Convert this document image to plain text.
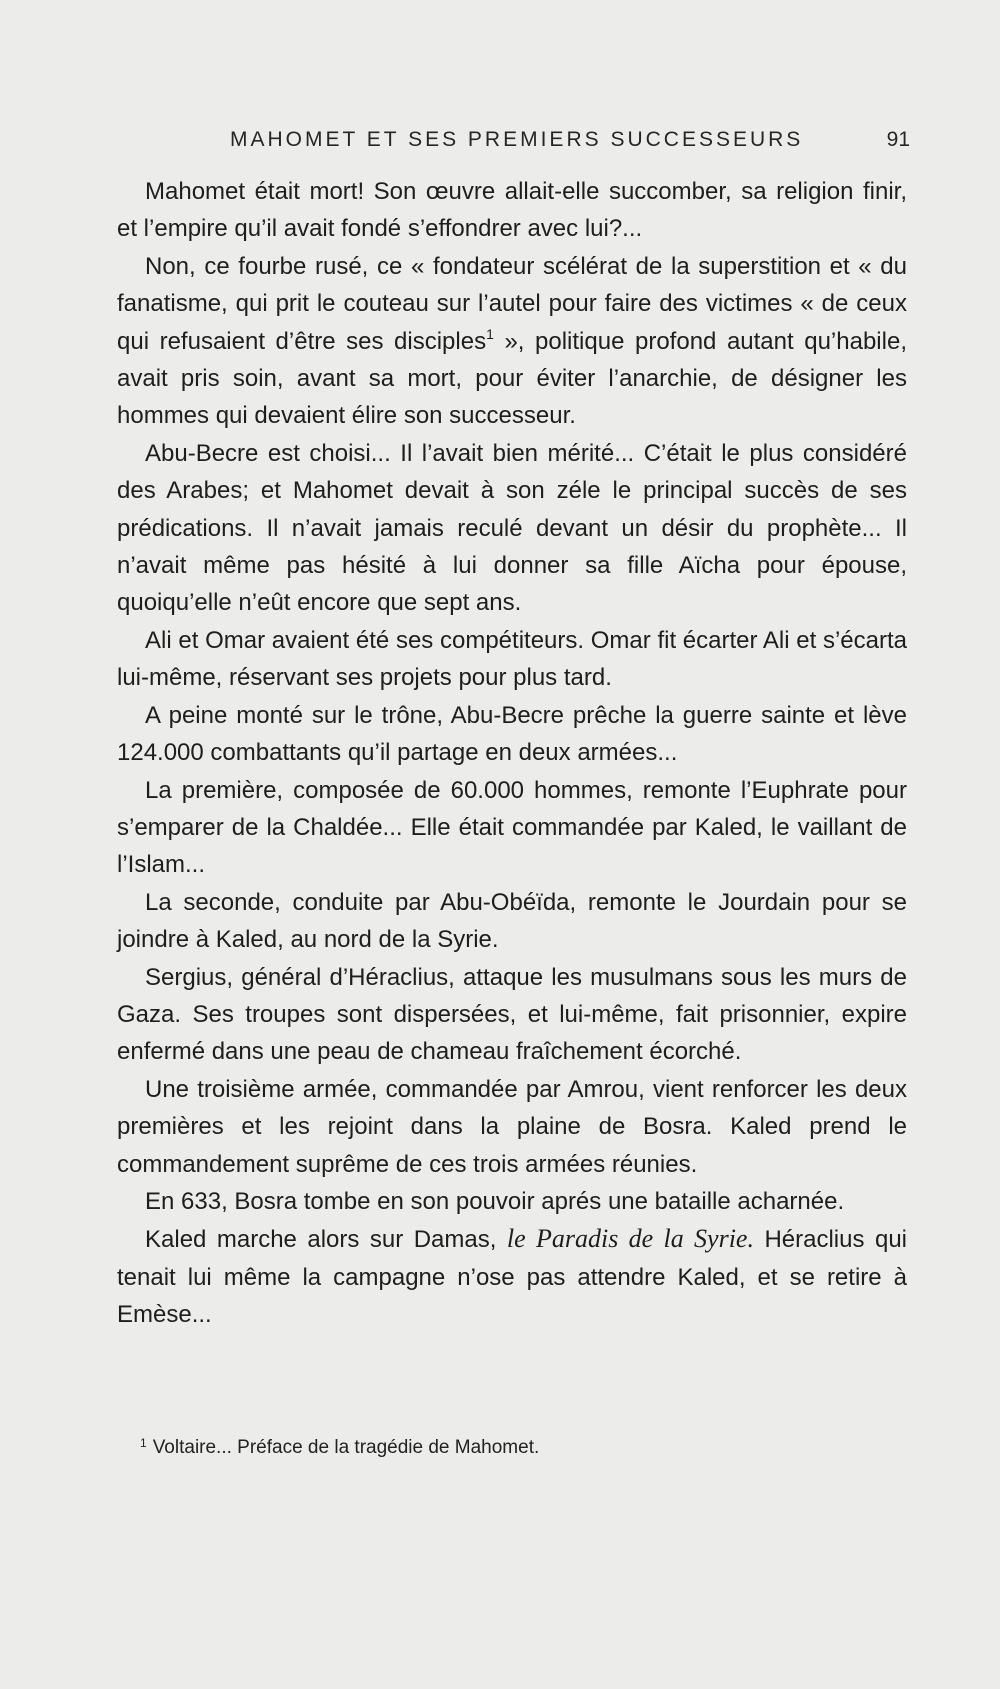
MAHOMET ET SES PREMIERS SUCCESSEURS	91

Mahomet était mort! Son œuvre allait-elle succomber, sa religion finir, et l’empire qu’il avait fondé s’effondrer avec lui?...

Non, ce fourbe rusé, ce « fondateur scélérat de la superstition et « du fanatisme, qui prit le couteau sur l’autel pour faire des victimes « de ceux qui refusaient d’être ses disciples$^1$ », politique profond autant qu’habile, avait pris soin, avant sa mort, pour éviter l’anarchie, de désigner les hommes qui devaient élire son successeur.

Abu-Becre est choisi... Il l’avait bien mérité... C’était le plus considéré des Arabes; et Mahomet devait à son zéle le principal succès de ses prédications. Il n’avait jamais reculé devant un désir du prophète... Il n’avait même pas hésité à lui donner sa fille Aïcha pour épouse, quoiqu’elle n’eût encore que sept ans.

Ali et Omar avaient été ses compétiteurs. Omar fit écarter Ali et s’écarta lui-même, réservant ses projets pour plus tard.

A peine monté sur le trône, Abu-Becre prêche la guerre sainte et lève 124.000 combattants qu’il partage en deux armées...

La première, composée de 60.000 hommes, remonte l’Euphrate pour s’emparer de la Chaldée... Elle était commandée par Kaled, le vaillant de l’Islam...

La seconde, conduite par Abu-Obéïda, remonte le Jourdain pour se joindre à Kaled, au nord de la Syrie.

Sergius, général d’Héraclius, attaque les musulmans sous les murs de Gaza. Ses troupes sont dispersées, et lui-même, fait prisonnier, expire enfermé dans une peau de chameau fraîchement écorché.

Une troisième armée, commandée par Amrou, vient renforcer les deux premières et les rejoint dans la plaine de Bosra. Kaled prend le commandement suprême de ces trois armées réunies.

En 633, Bosra tombe en son pouvoir aprés une bataille acharnée.

Kaled marche alors sur Damas, le Paradis de la Syrie. Héraclius qui tenait lui même la campagne n’ose pas attendre Kaled, et se retire à Emèse...

$^1$ Voltaire... Préface de la tragédie de Mahomet.
